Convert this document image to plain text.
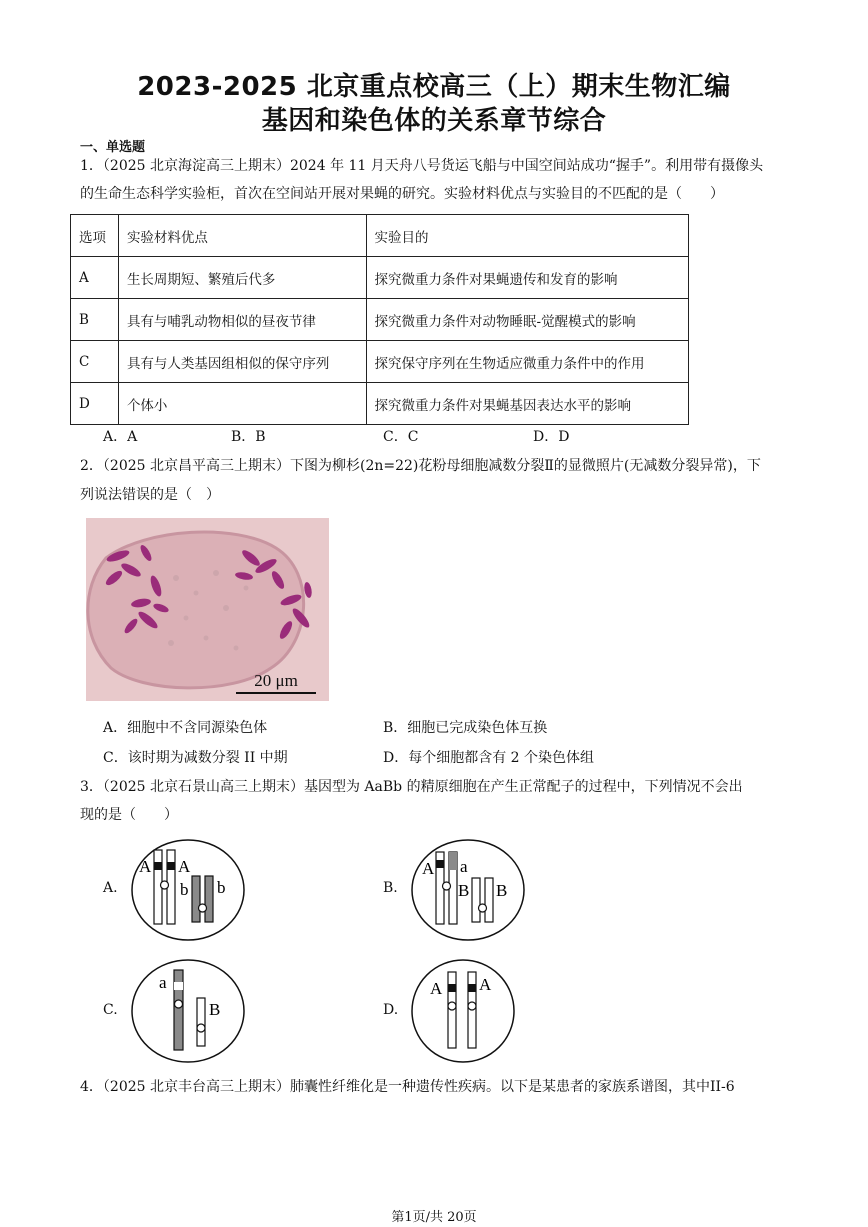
2023-2025 北京重点校高三（上）期末生物汇编
基因和染色体的关系章节综合
一、单选题
1．（2025 北京海淀高三上期末）2024 年 11 月天舟八号货运飞船与中国空间站成功“握手”。利用带有摄像头
的生命生态科学实验柜，首次在空间站开展对果蝇的研究。实验材料优点与实验目的不匹配的是（　　）
选项	实验材料优点	实验目的
A	生长周期短、繁殖后代多	探究微重力条件对果蝇遗传和发育的影响
B	具有与哺乳动物相似的昼夜节律	探究微重力条件对动物睡眠-觉醒模式的影响
C	具有与人类基因组相似的保守序列	探究保守序列在生物适应微重力条件中的作用
D	个体小	探究微重力条件对果蝇基因表达水平的影响
A．A	B．B	C．C	D．D
2．（2025 北京昌平高三上期末）下图为柳杉(2n=22)花粉母细胞减数分裂Ⅱ的显微照片(无减数分裂异常)，下
列说法错误的是（　）
20 μm
A．细胞中不含同源染色体	B．细胞已完成染色体互换
C．该时期为减数分裂 II 中期	D．每个细胞都含有 2 个染色体组
3．（2025 北京石景山高三上期末）基因型为 AaBb 的精原细胞在产生正常配子的过程中，下列情况不会出
现的是（　　）
A.
A A
b b	B.
A a
B B
C.
a
B	D.
A A
4．（2025 北京丰台高三上期末）肺囊性纤维化是一种遗传性疾病。以下是某患者的家族系谱图，其中II-6
第1页/共 20页
